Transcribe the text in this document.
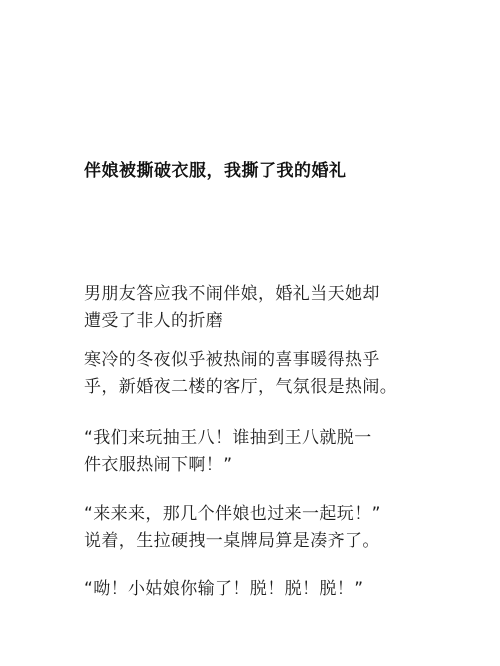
伴娘被撕破衣服，我撕了我的婚礼
男朋友答应我不闹伴娘，婚礼当天她却
遭受了非人的折磨
寒冷的冬夜似乎被热闹的喜事暖得热乎
乎，新婚夜二楼的客厅，气氛很是热闹。
“我们来玩抽王八！谁抽到王八就脱一
件衣服热闹下啊！”
“来来来，那几个伴娘也过来一起玩！”
说着，生拉硬拽一桌牌局算是凑齐了。
“呦！小姑娘你输了！脱！脱！脱！”
